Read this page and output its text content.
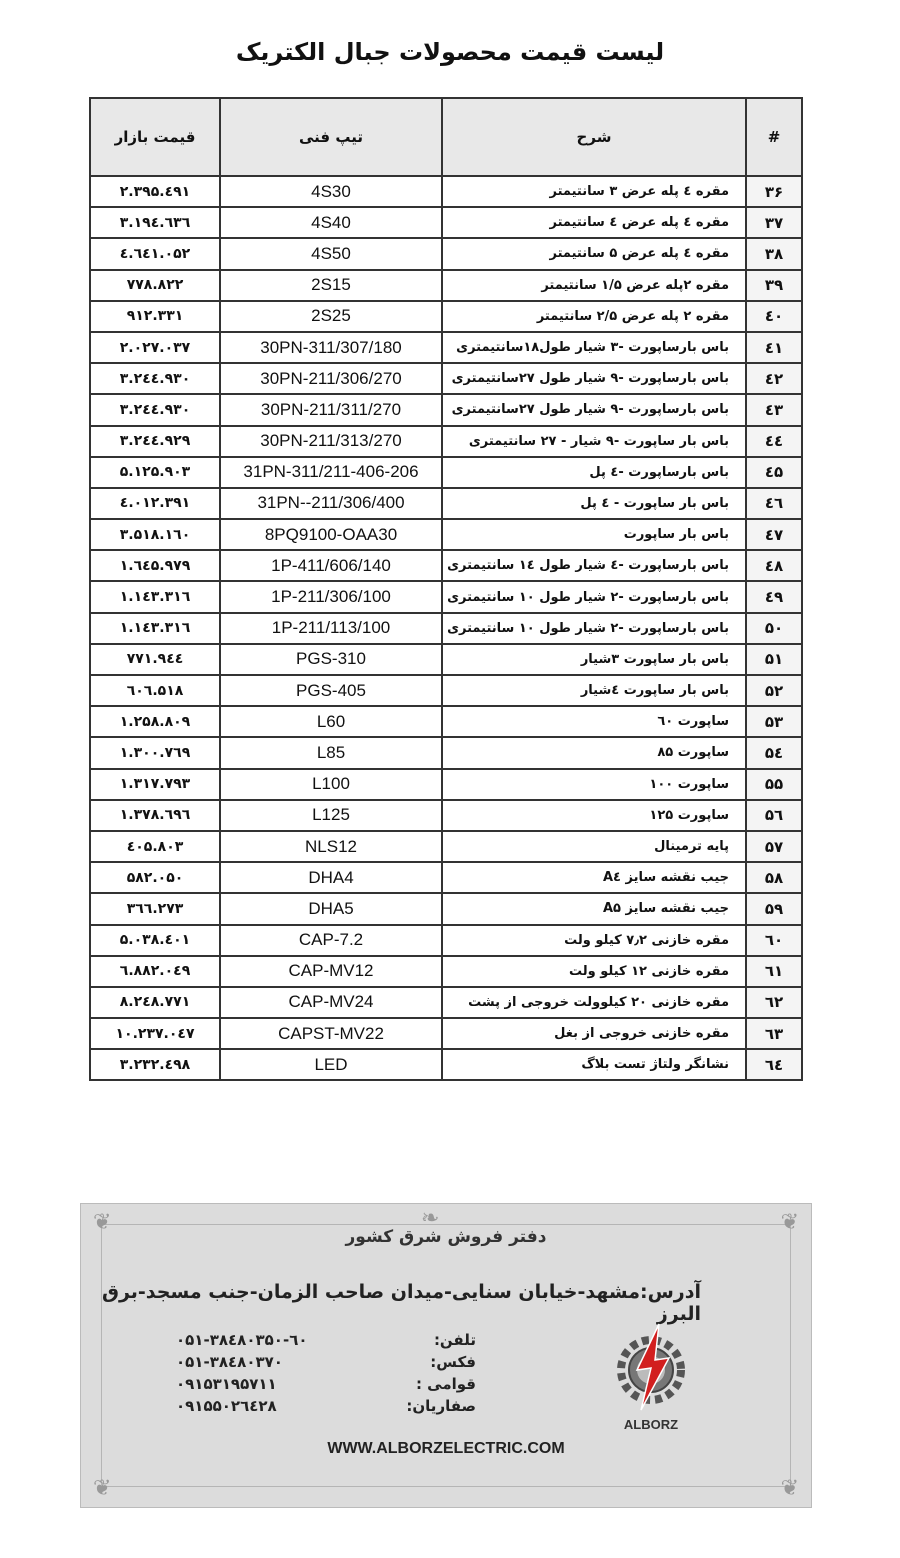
لیست قیمت محصولات جبال الکتریک
قیمت بازار	تیپ فنی	شرح	#
۲.۳۹۵.٤۹۱	4S30	مقره ٤ پله عرض ۳ سانتیمتر	۳۶
۳.۱۹٤.٦۳٦	4S40	مقره ٤ پله عرض ٤ سانتیمتر	۳۷
٤.٦٤۱.۰۵۲	4S50	مقره ٤ پله عرض ۵ سانتیمتر	۳۸
۷۷۸.۸۲۲	2S15	مقره ۲پله عرض ۱/۵ سانتیمتر	۳۹
۹۱۲.۳۳۱	2S25	مقره ۲ پله عرض ۲/۵ سانتیمتر	٤۰
۲.۰۲۷.۰۳۷	30PN-311/307/180	باس بارساپورت -۳ شیار طول۱۸سانتیمتری	٤۱
۳.۲٤٤.۹۳۰	30PN-211/306/270	باس بارساپورت -۹ شیار طول ۲۷سانتیمتری	٤۲
۳.۲٤٤.۹۳۰	30PN-211/311/270	باس بارساپورت -۹ شیار طول ۲۷سانتیمتری	٤۳
۳.۲٤٤.۹۲۹	30PN-211/313/270	باس بار ساپورت -۹ شیار - ۲۷ سانتیمتری	٤٤
۵.۱۲۵.۹۰۳	31PN-311/211-406-206	باس بارساپورت -٤ پل	٤۵
٤.۰۱۲.۳۹۱	31PN--211/306/400	باس بار ساپورت - ٤ پل	٤٦
۳.۵۱۸.۱٦۰	8PQ9100-OAA30	باس بار ساپورت	٤۷
۱.٦٤۵.۹۷۹	1P-411/606/140	باس بارساپورت -٤ شیار طول ۱٤ سانتیمتری	٤۸
۱.۱٤۳.۳۱٦	1P-211/306/100	باس بارساپورت -۲ شیار طول ۱۰ سانتیمتری	٤۹
۱.۱٤۳.۳۱٦	1P-211/113/100	باس بارساپورت -۲ شیار طول ۱۰ سانتیمتری	۵۰
۷۷۱.۹٤٤	PGS-310	باس بار ساپورت ۳شیار	۵۱
٦۰٦.۵۱۸	PGS-405	باس بار ساپورت ٤شیار	۵۲
۱.۲۵۸.۸۰۹	L60	ساپورت ٦۰	۵۳
۱.۳۰۰.۷٦۹	L85	ساپورت ۸۵	۵٤
۱.۳۱۷.۷۹۳	L100	ساپورت ۱۰۰	۵۵
۱.۳۷۸.٦۹٦	L125	ساپورت ۱۲۵	۵٦
٤۰۵.۸۰۳	NLS12	پایه ترمینال	۵۷
۵۸۲.۰۵۰	DHA4	جیب نقشه سایز A٤	۵۸
۳٦٦.۲۷۳	DHA5	جیب نقشه سایز A۵	۵۹
۵.۰۳۸.٤۰۱	CAP-7.2	مقره خازنی ۷٫۲ کیلو ولت	٦۰
٦.۸۸۲.۰٤۹	CAP-MV12	مقره خازنی ۱۲ کیلو ولت	٦۱
۸.۲٤۸.۷۷۱	CAP-MV24	مقره خازنی ۲۰ کیلوولت خروجی از پشت	٦۲
۱۰.۲۳۷.۰٤۷	CAPST-MV22	مقره خازنی خروجی از بغل	٦۳
۳.۲۳۲.٤۹۸	LED	نشانگر ولتاژ تست بلاگ	٦٤
❦	❦
❦	❦
❧
دفتر فروش شرق کشور
آدرس:مشهد-خیابان سنایی-میدان صاحب الزمان-جنب مسجد-برق البرز
تلفن:
۰۵۱-۳۸٤۸۰۳۵۰-٦۰
فکس:
۰۵۱-۳۸٤۸۰۳۷۰
قوامی :
۰۹۱۵۳۱۹۵۷۱۱
صفاریان:
۰۹۱۵۵۰۲٦٤۲۸
ALBORZ
WWW.ALBORZELECTRIC.COM
